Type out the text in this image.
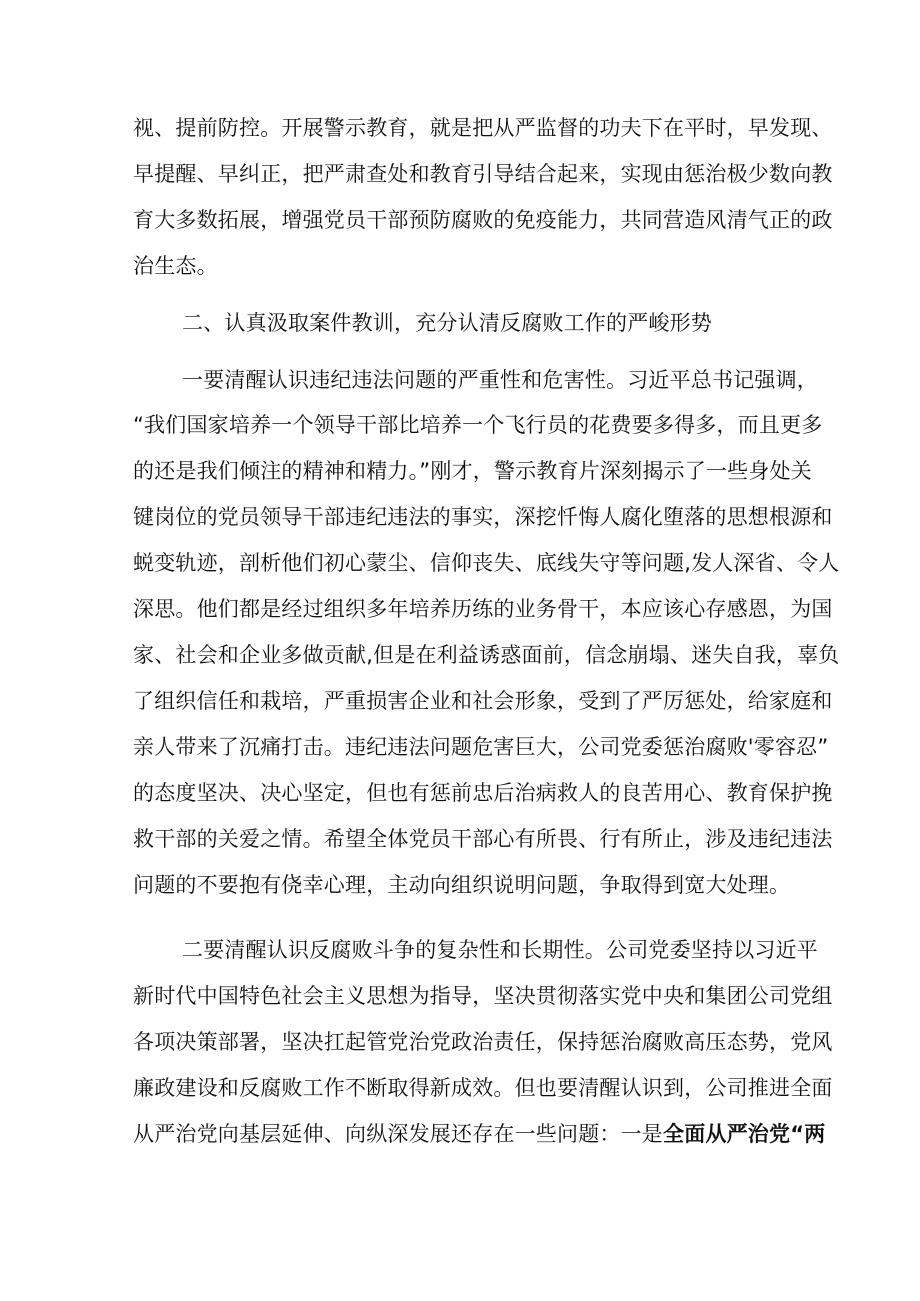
视、提前防控。开展警示教育，就是把从严监督的功夫下在平时，早发现、
早提醒、早纠正，把严肃查处和教育引导结合起来，实现由惩治极少数向教
育大多数拓展，增强党员干部预防腐败的免疫能力，共同营造风清气正的政
治生态。
二、认真汲取案件教训，充分认清反腐败工作的严峻形势
一要清醒认识违纪违法问题的严重性和危害性。习近平总书记强调，
“我们国家培养一个领导干部比培养一个飞行员的花费要多得多，而且更多
的还是我们倾注的精神和精力。”刚才，警示教育片深刻揭示了一些身处关
键岗位的党员领导干部违纪违法的事实，深挖忏悔人腐化堕落的思想根源和
蜕变轨迹，剖析他们初心蒙尘、信仰丧失、底线失守等问题,发人深省、令人
深思。他们都是经过组织多年培养历练的业务骨干，本应该心存感恩，为国
家、社会和企业多做贡献,但是在利益诱惑面前，信念崩塌、迷失自我，辜负
了组织信任和栽培，严重损害企业和社会形象，受到了严厉惩处，给家庭和
亲人带来了沉痛打击。违纪违法问题危害巨大，公司党委惩治腐败'零容忍”
的态度坚决、决心坚定，但也有惩前忠后治病救人的良苦用心、教育保护挽
救干部的关爱之情。希望全体党员干部心有所畏、行有所止，涉及违纪违法
问题的不要抱有侥幸心理，主动向组织说明问题，争取得到宽大处理。
二要清醒认识反腐败斗争的复杂性和长期性。公司党委坚持以习近平
新时代中国特色社会主义思想为指导，坚决贯彻落实党中央和集团公司党组
各项决策部署，坚决扛起管党治党政治责任，保持惩治腐败高压态势，党风
廉政建设和反腐败工作不断取得新成效。但也要清醒认识到，公司推进全面
从严治党向基层延伸、向纵深发展还存在一些问题：一是全面从严治党“两
